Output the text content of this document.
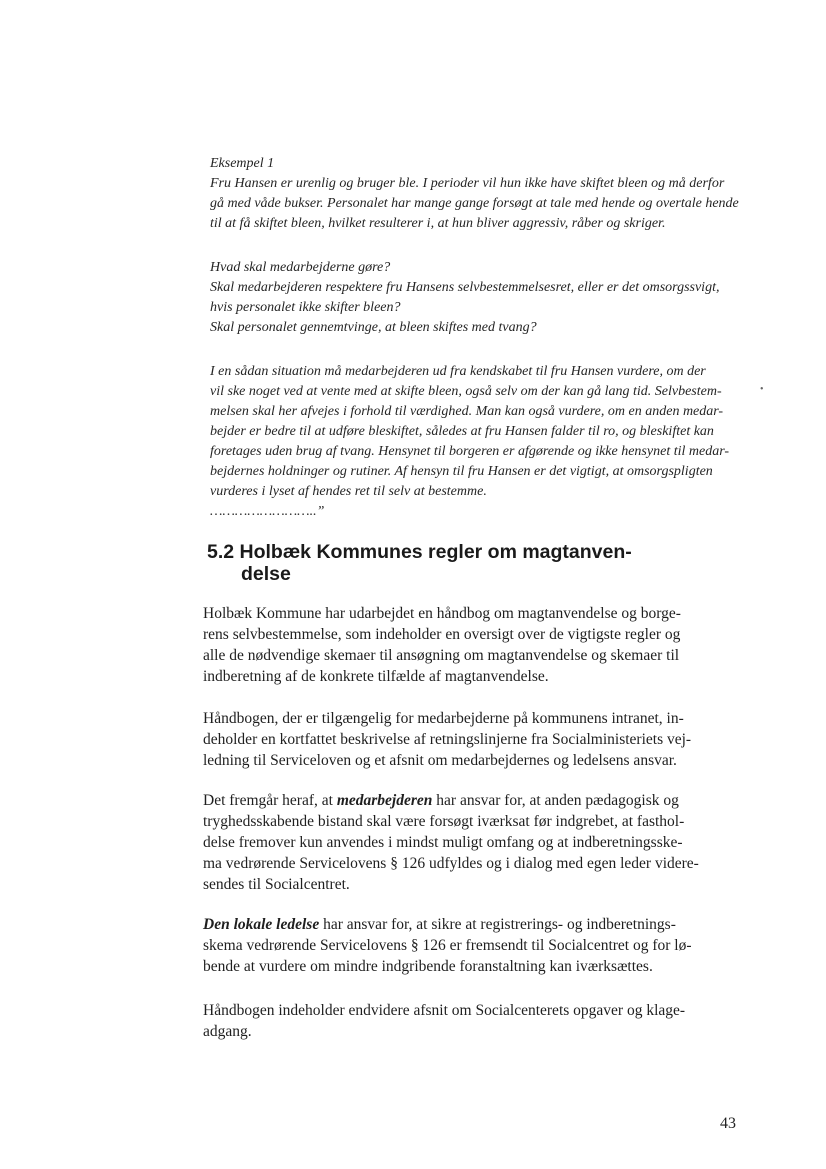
Eksempel 1
Fru Hansen er urenlig og bruger ble. I perioder vil hun ikke have skiftet bleen og må derfor
gå med våde bukser. Personalet har mange gange forsøgt at tale med hende og overtale hende
til at få skiftet bleen, hvilket resulterer i, at hun bliver aggressiv, råber og skriger.
Hvad skal medarbejderne gøre?
Skal medarbejderen respektere fru Hansens selvbestemmelsesret, eller er det omsorgssvigt,
hvis personalet ikke skifter bleen?
Skal personalet gennemtvinge, at bleen skiftes med tvang?
I en sådan situation må medarbejderen ud fra kendskabet til fru Hansen vurdere, om der
vil ske noget ved at vente med at skifte bleen, også selv om der kan gå lang tid. Selvbestem-
melsen skal her afvejes i forhold til værdighed. Man kan også vurdere, om en anden medar-
bejder er bedre til at udføre bleskiftet, således at fru Hansen falder til ro, og bleskiftet kan
foretages uden brug af tvang. Hensynet til borgeren er afgørende og ikke hensynet til medar-
bejdernes holdninger og rutiner. Af hensyn til fru Hansen er det vigtigt, at omsorgspligten
vurderes i lyset af hendes ret til selv at bestemme.
……………………..”
•
5.2 Holbæk Kommunes regler om magtanven-
delse
Holbæk Kommune har udarbejdet en håndbog om magtanvendelse og borge-
rens selvbestemmelse, som indeholder en oversigt over de vigtigste regler og
alle de nødvendige skemaer til ansøgning om magtanvendelse og skemaer til
indberetning af de konkrete tilfælde af magtanvendelse.
Håndbogen, der er tilgængelig for medarbejderne på kommunens intranet, in-
deholder en kortfattet beskrivelse af retningslinjerne fra Socialministeriets vej-
ledning til Serviceloven og et afsnit om medarbejdernes og ledelsens ansvar.
Det fremgår heraf, at medarbejderen har ansvar for, at anden pædagogisk og
tryghedsskabende bistand skal være forsøgt iværksat før indgrebet, at fasthol-
delse fremover kun anvendes i mindst muligt omfang og at indberetningsske-
ma vedrørende Servicelovens § 126 udfyldes og i dialog med egen leder videre-
sendes til Socialcentret.
Den lokale ledelse har ansvar for, at sikre at registrerings- og indberetnings-
skema vedrørende Servicelovens § 126 er fremsendt til Socialcentret og for lø-
bende at vurdere om mindre indgribende foranstaltning kan iværksættes.
Håndbogen indeholder endvidere afsnit om Socialcenterets opgaver og klage-
adgang.
43
